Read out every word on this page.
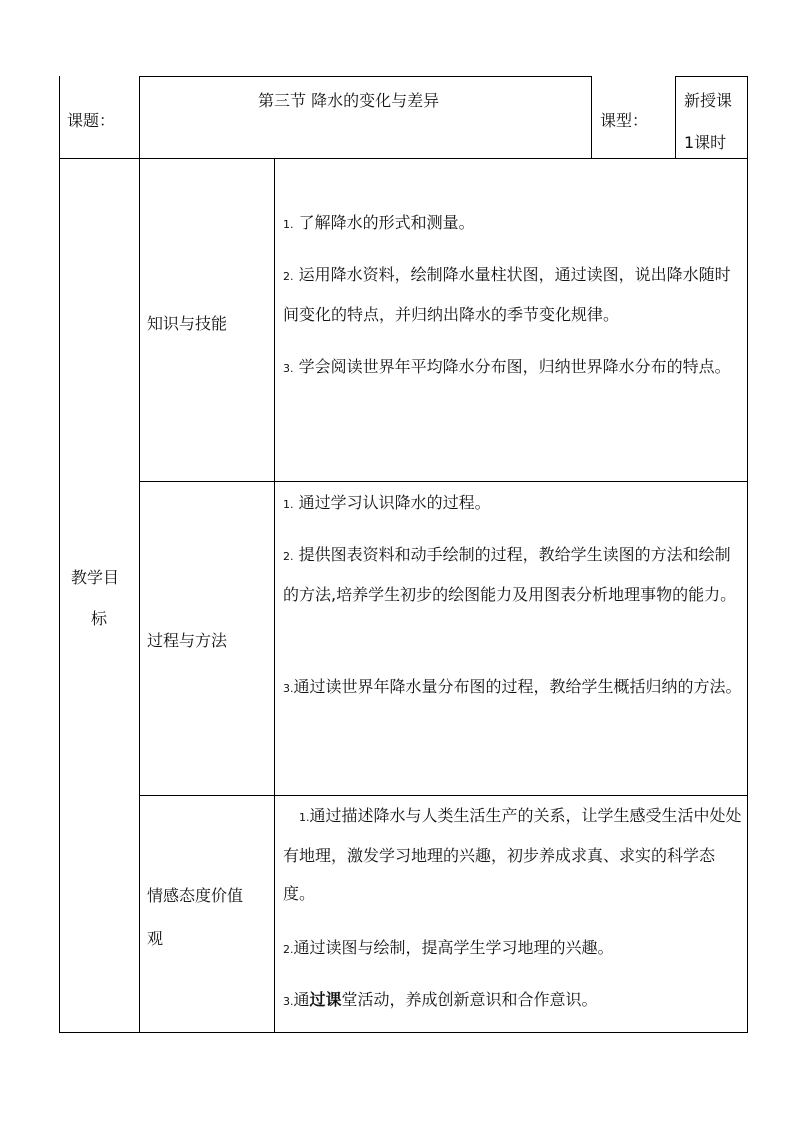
课题：
第三节 降水的变化与差异
课型：
新授课
1课时
教学目
标
知识与技能
1. 了解降水的形式和测量。
2. 运用降水资料，绘制降水量柱状图，通过读图，说出降水随时间变化的特点，并归纳出降水的季节变化规律。
3. 学会阅读世界年平均降水分布图，归纳世界降水分布的特点。
过程与方法
1. 通过学习认识降水的过程。
2. 提供图表资料和动手绘制的过程，教给学生读图的方法和绘制的方法,培养学生初步的绘图能力及用图表分析地理事物的能力。
3.通过读世界年降水量分布图的过程，教给学生概括归纳的方法。
情感态度价值
观
1.通过描述降水与人类生活生产的关系，让学生感受生活中处处有地理，激发学习地理的兴趣，初步养成求真、求实的科学态度。
2.通过读图与绘制，提高学生学习地理的兴趣。
3.通过课堂活动，养成创新意识和合作意识。
